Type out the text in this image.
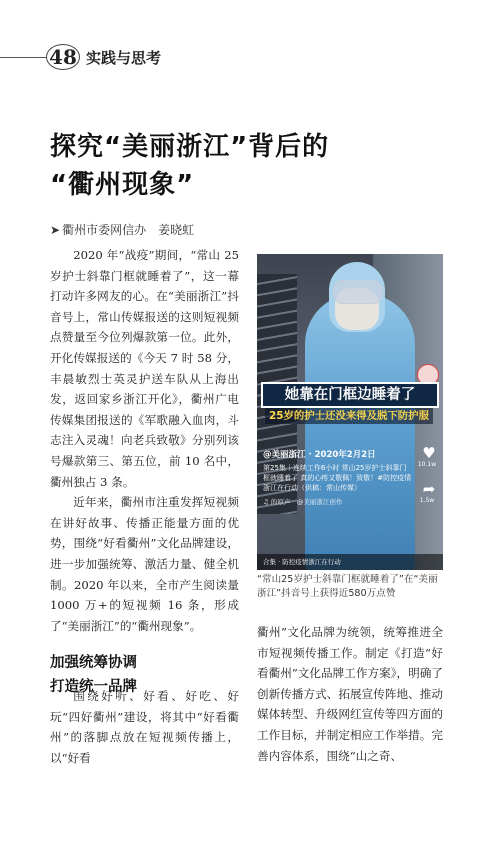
48 实践与思考
探究“美丽浙江”背后的
“衢州现象”
➤ 衢州市委网信办　姜晓虹

2020 年“战疫”期间，“常山 25 岁护士斜靠门框就睡着了”，这一幕打动许多网友的心。在“美丽浙江”抖音号上，常山传媒报送的这则短视频点赞量至今位列爆款第一位。此外，开化传媒报送的《今天 7 时 58 分，丰晨敏烈士英灵护送车队从上海出发，返回家乡浙江开化》，衢州广电传媒集团报送的《军歌融入血肉，斗志注入灵魂！向老兵致敬》分别列该号爆款第三、第五位，前 10 名中，衢州独占 3 条。

近年来，衢州市注重发挥短视频在讲好故事、传播正能量方面的优势，围绕“好看衢州”文化品牌建设，进一步加强统筹、激活力量、健全机制。2020 年以来，全市产生阅读量 1000 万+的短视频 16 条，形成了“美丽浙江”的“衢州现象”。

加强统筹协调
打造统一品牌

围绕好听、好看、好吃、好玩“四好衢州”建设，将其中“好看衢州”的落脚点放在短视频传播上，以“好看

♥
10.1w
➦
1.5w
她靠在门框边睡着了
25岁的护士还没来得及脱下防护服
@美丽浙江 · 2020年2月2日
第25集｜连续工作6小时 常山25岁护士斜靠门框就睡着了 真的心疼又敬佩！致敬！#防控疫情浙江在行动（供稿：常山传媒）
♫ 的原声　@美丽浙江创作
合集 · 防控疫情浙江在行动
“常山25岁护士斜靠门框就睡着了”在“美丽浙江”抖音号上获得近580万点赞

衢州”文化品牌为统领，统筹推进全市短视频传播工作。制定《打造“好看衢州”文化品牌工作方案》，明确了创新传播方式、拓展宣传阵地、推动媒体转型、升级网红宣传等四方面的工作目标，并制定相应工作举措。完善内容体系，围绕“山之奇、
